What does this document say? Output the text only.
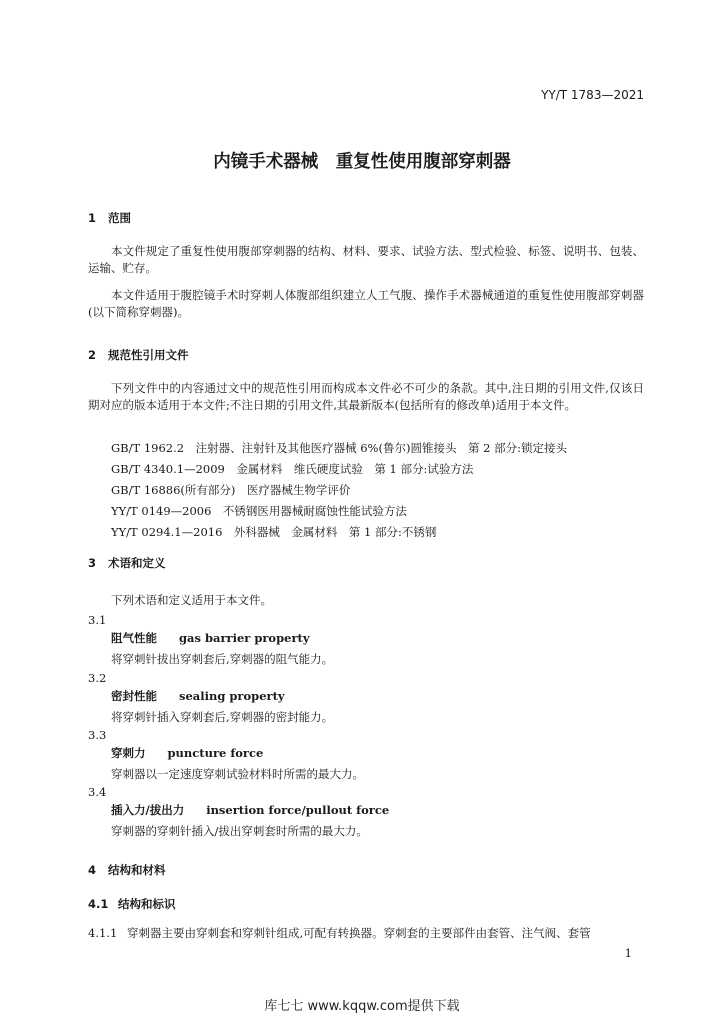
YY/T 1783—2021
内镜手术器械　重复性使用腹部穿刺器
1 范围
本文件规定了重复性使用腹部穿刺器的结构、材料、要求、试验方法、型式检验、标签、说明书、包装、运输、贮存。
本文件适用于腹腔镜手术时穿刺人体腹部组织建立人工气腹、操作手术器械通道的重复性使用腹部穿刺器(以下简称穿刺器)。
2 规范性引用文件
下列文件中的内容通过文中的规范性引用而构成本文件必不可少的条款。其中,注日期的引用文件,仅该日期对应的版本适用于本文件;不注日期的引用文件,其最新版本(包括所有的修改单)适用于本文件。
GB/T 1962.2　注射器、注射针及其他医疗器械 6%(鲁尔)圆锥接头　第 2 部分:锁定接头
GB/T 4340.1—2009　金属材料　维氏硬度试验　第 1 部分:试验方法
GB/T 16886(所有部分)　医疗器械生物学评价
YY/T 0149—2006　不锈钢医用器械耐腐蚀性能试验方法
YY/T 0294.1—2016　外科器械　金属材料　第 1 部分:不锈钢
3 术语和定义
下列术语和定义适用于本文件。
3.1
阻气性能 gas barrier property
将穿刺针拔出穿刺套后,穿刺器的阻气能力。
3.2
密封性能 sealing property
将穿刺针插入穿刺套后,穿刺器的密封能力。
3.3
穿刺力 puncture force
穿刺器以一定速度穿刺试验材料时所需的最大力。
3.4
插入力/拔出力 insertion force/pullout force
穿刺器的穿刺针插入/拔出穿刺套时所需的最大力。
4 结构和材料
4.1 结构和标识
4.1.1 穿刺器主要由穿刺套和穿刺针组成,可配有转换器。穿刺套的主要部件由套管、注气阀、套管
1
库七七 www.kqqw.com提供下载
